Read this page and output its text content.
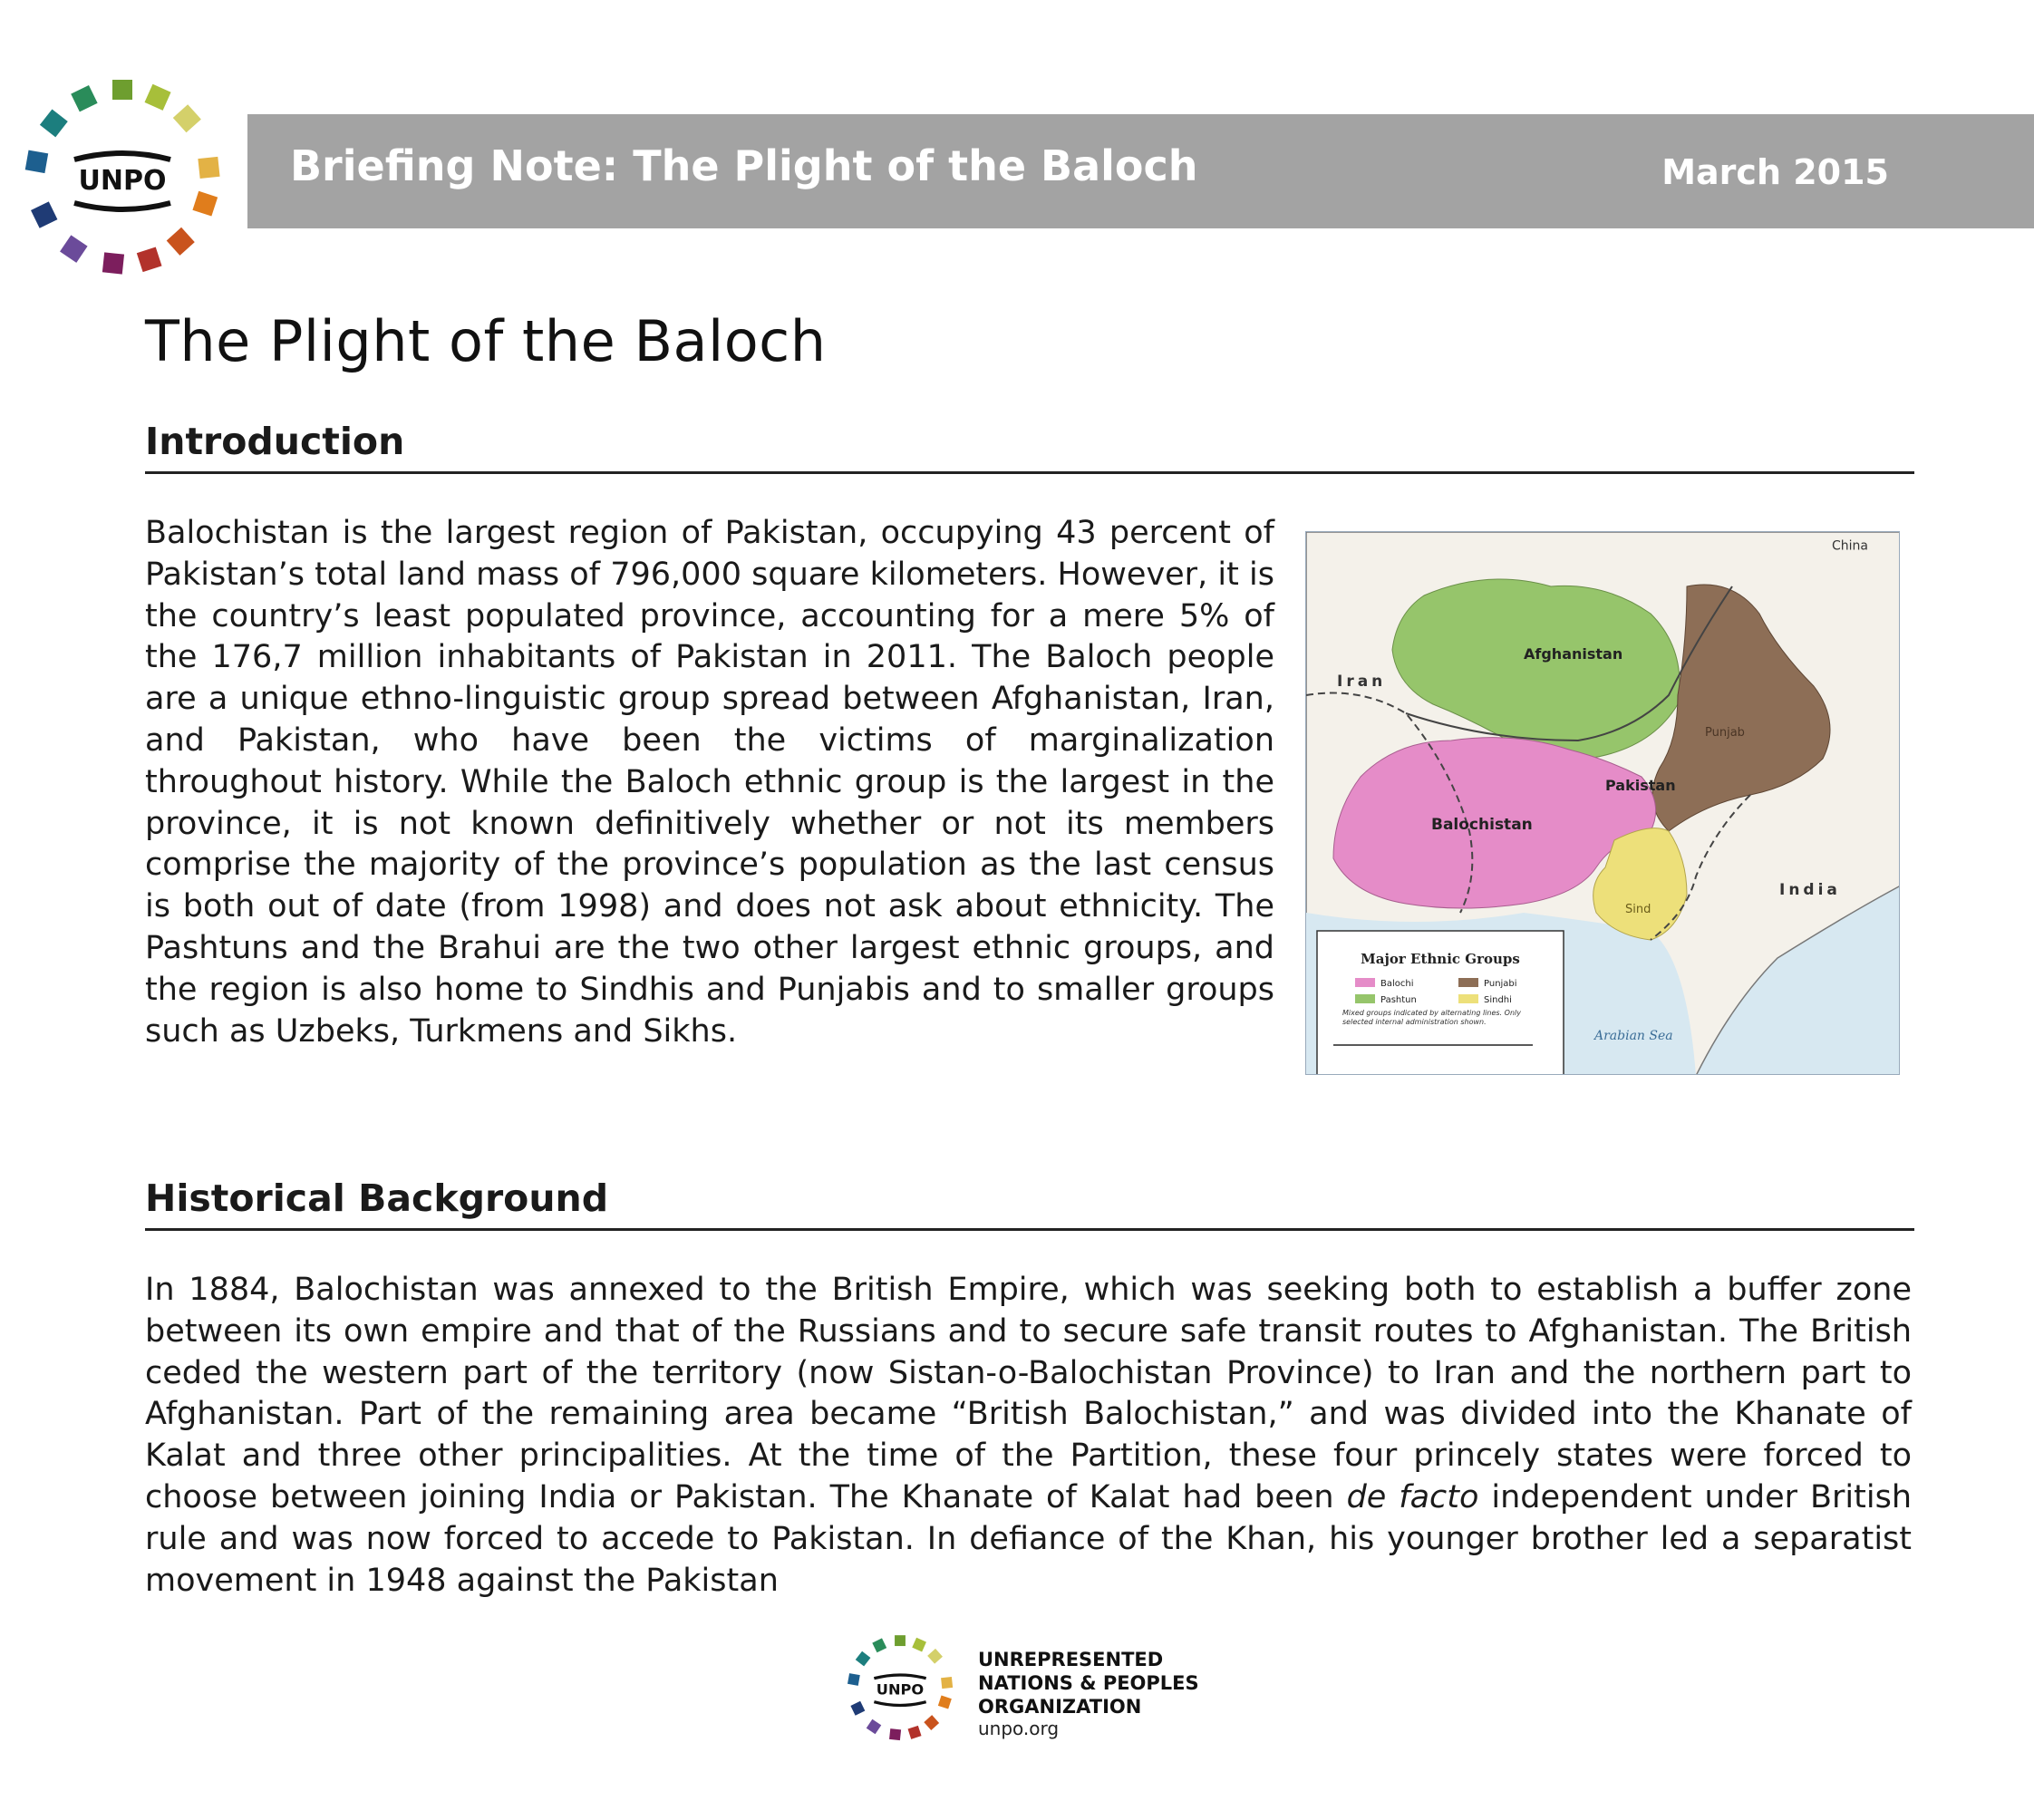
UNPO	Briefing Note: The Plight of the Baloch	March 2015
The Plight of the Baloch
Introduction

Balochistan is the largest region of Pakistan, occupying 43 percent of Pakistan’s total land mass of 796,000 square kilometers. However, it is the country’s least populated province, accounting for a mere 5% of the 176,7 million inhabitants of Pakistan in 2011. The Baloch people are a unique ethno-linguistic group spread between Afghanistan, Iran, and Pakistan, who have been the victims of marginalization throughout history. While the Baloch ethnic group is the largest in the province, it is not known definitively whether or not its members comprise the majority of the province’s population as the last census is both out of date (from 1998) and does not ask about ethnicity. The Pashtuns and the Brahui are the two other largest ethnic groups, and the region is also home to Sindhis and Punjabis and to smaller groups such as Uzbeks, Turkmens and Sikhs.

China
Iran
Afghanistan
Pakistan
Balochistan
India
Punjab
Sind
Arabian Sea
Major Ethnic Groups
Balochi	Punjabi
Pashtun	Sindhi
Mixed groups indicated by alternating lines. Only selected internal administration shown.
Historical Background

In 1884, Balochistan was annexed to the British Empire, which was seeking both to establish a buffer zone between its own empire and that of the Russians and to secure safe transit routes to Afghanistan. The British ceded the western part of the territory (now Sistan-o-Balochistan Province) to Iran and the northern part to Afghanistan. Part of the remaining area became “British Balochistan,” and was divided into the Khanate of Kalat and three other principalities. At the time of the Partition, these four princely states were forced to choose between joining India or Pakistan. The Khanate of Kalat had been de facto independent under British rule and was now forced to accede to Pakistan. In defiance of the Khan, his younger brother led a separatist movement in 1948 against the Pakistan

UNPO
UNREPRESENTED
NATIONS & PEOPLES
ORGANIZATION
unpo.org
